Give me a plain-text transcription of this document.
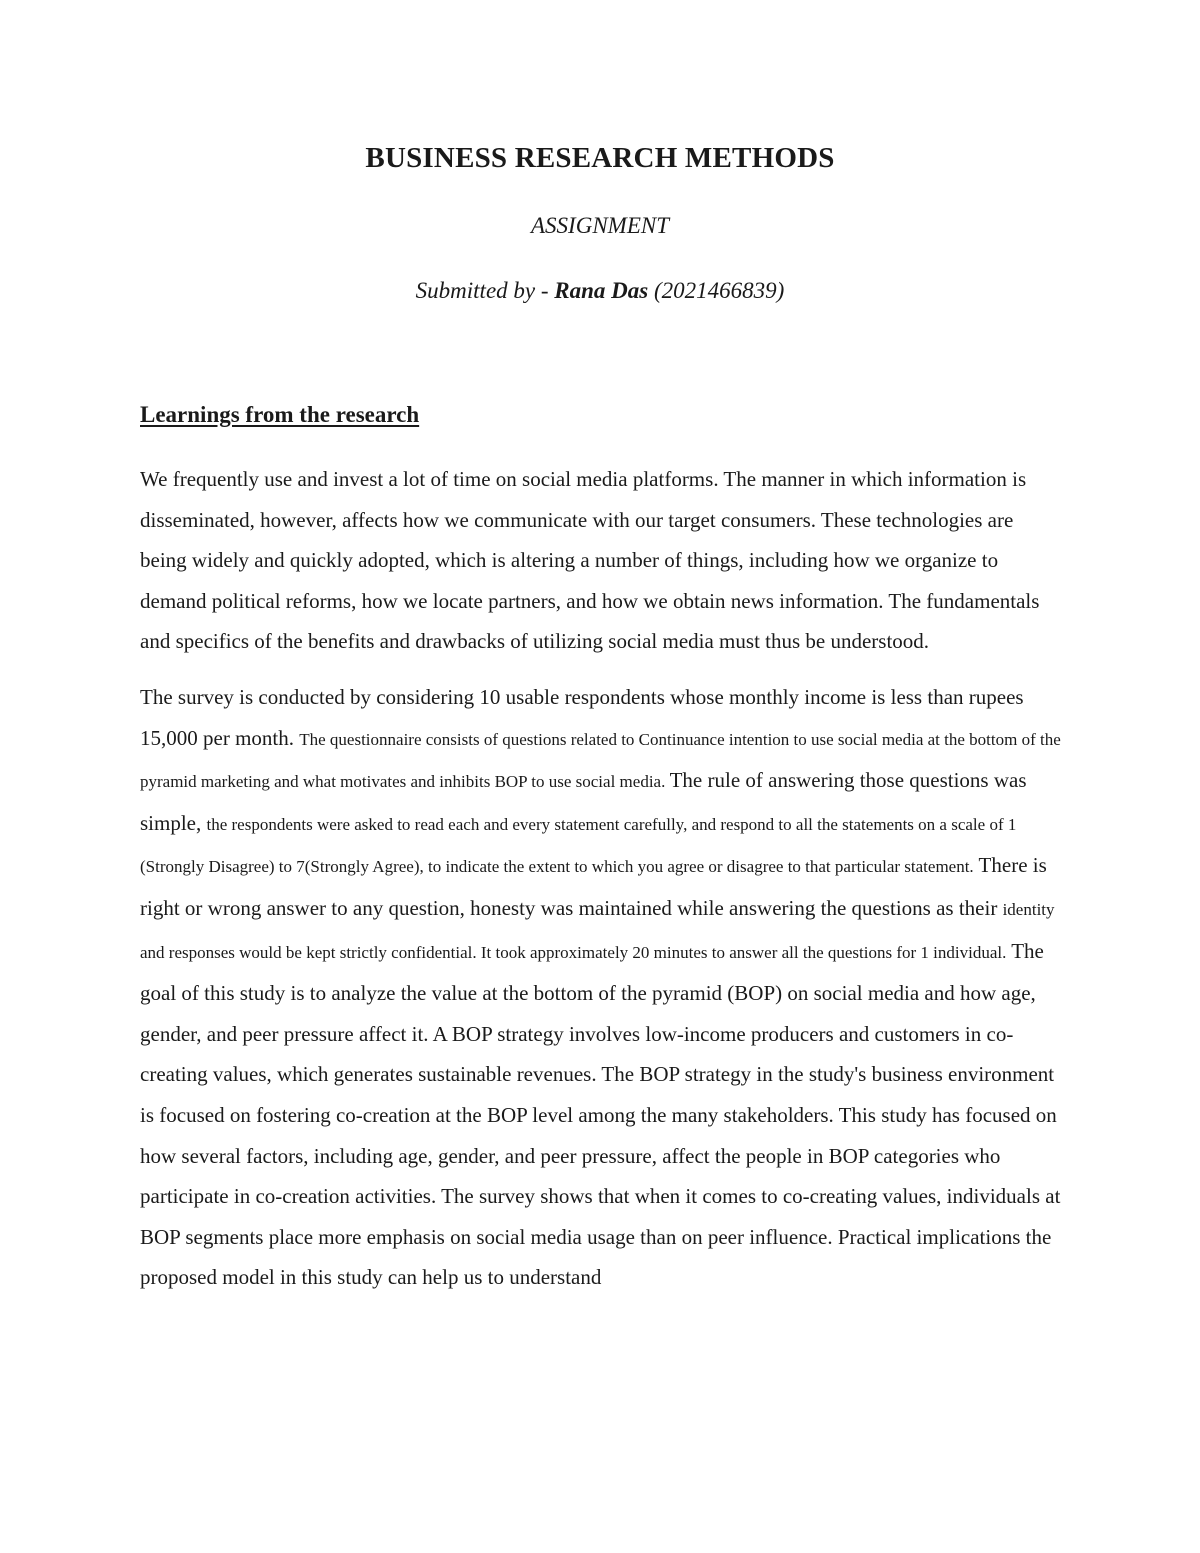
BUSINESS RESEARCH METHODS
ASSIGNMENT
Submitted by - Rana Das (2021466839)
Learnings from the research

We frequently use and invest a lot of time on social media platforms. The manner in which information is disseminated, however, affects how we communicate with our target consumers. These technologies are being widely and quickly adopted, which is altering a number of things, including how we organize to demand political reforms, how we locate partners, and how we obtain news information. The fundamentals and specifics of the benefits and drawbacks of utilizing social media must thus be understood.

The survey is conducted by considering 10 usable respondents whose monthly income is less than rupees 15,000 per month. The questionnaire consists of questions related to Continuance intention to use social media at the bottom of the pyramid marketing and what motivates and inhibits BOP to use social media. The rule of answering those questions was simple, the respondents were asked to read each and every statement carefully, and respond to all the statements on a scale of 1 (Strongly Disagree) to 7(Strongly Agree), to indicate the extent to which you agree or disagree to that particular statement. There is right or wrong answer to any question, honesty was maintained while answering the questions as their identity and responses would be kept strictly confidential. It took approximately 20 minutes to answer all the questions for 1 individual. The goal of this study is to analyze the value at the bottom of the pyramid (BOP) on social media and how age, gender, and peer pressure affect it. A BOP strategy involves low-income producers and customers in co-creating values, which generates sustainable revenues. The BOP strategy in the study's business environment is focused on fostering co-creation at the BOP level among the many stakeholders. This study has focused on how several factors, including age, gender, and peer pressure, affect the people in BOP categories who participate in co-creation activities. The survey shows that when it comes to co-creating values, individuals at BOP segments place more emphasis on social media usage than on peer influence. Practical implications the proposed model in this study can help us to understand
